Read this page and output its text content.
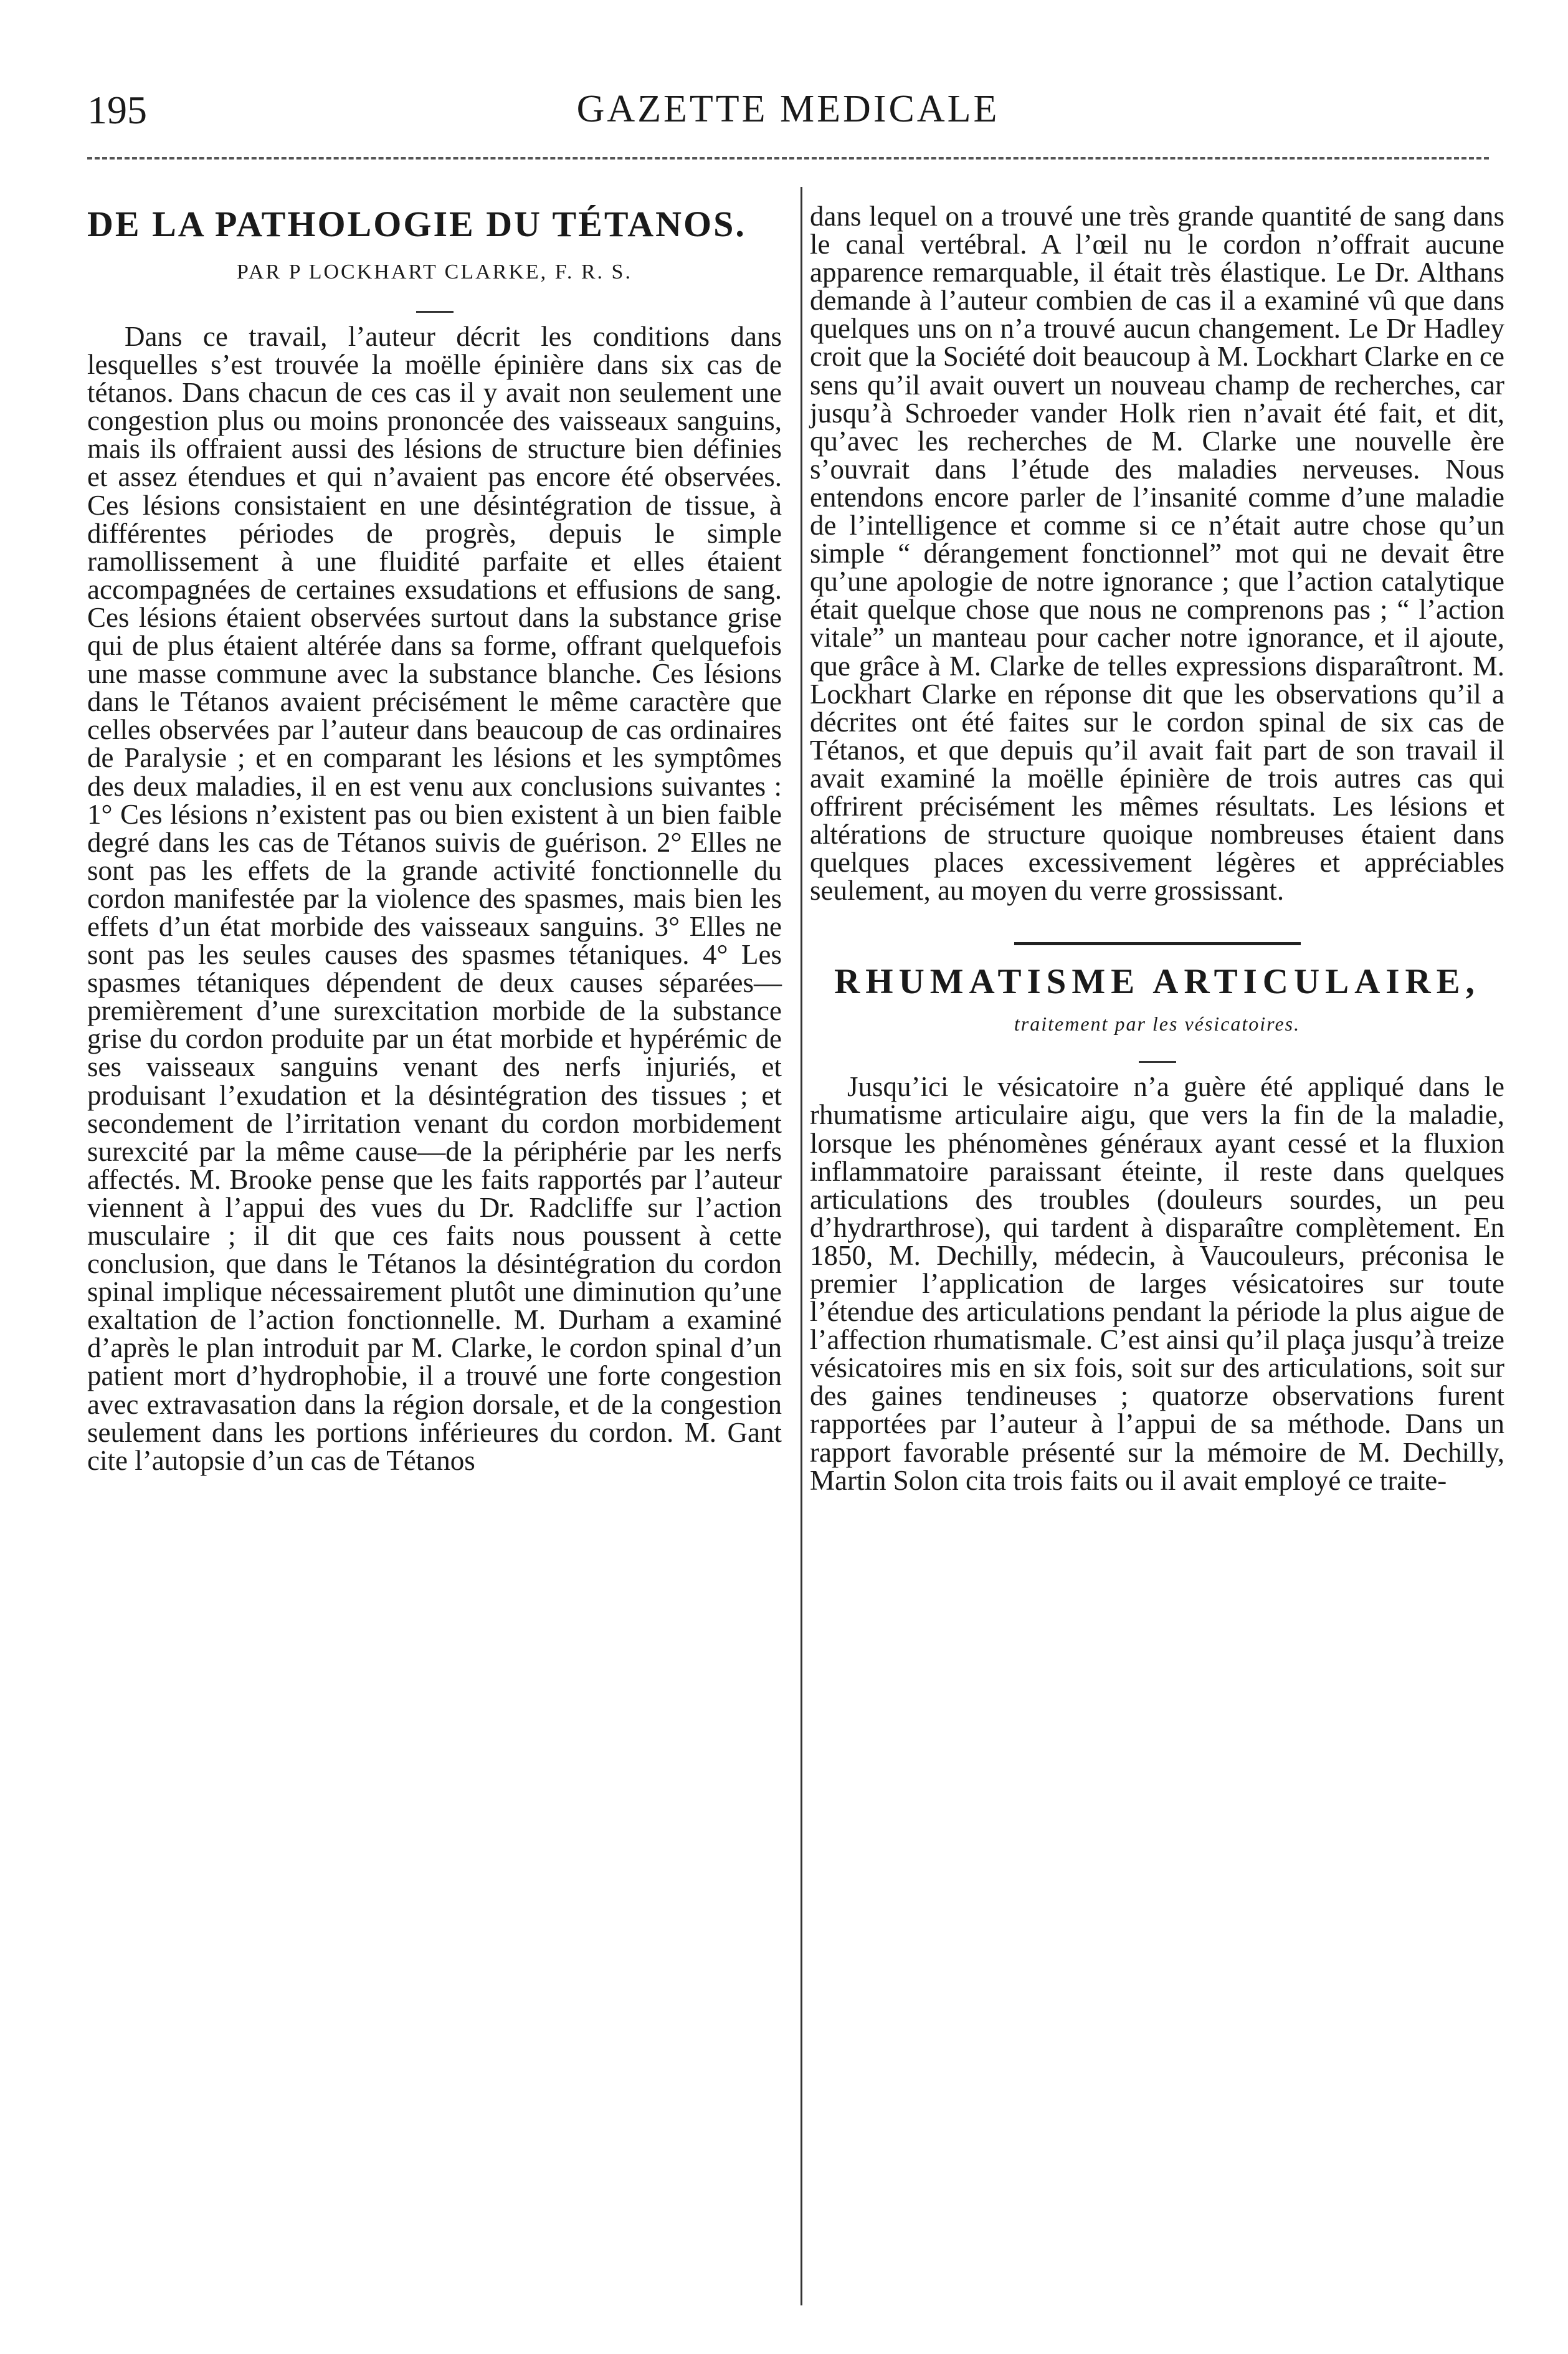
195	GAZETTE MEDICALE
DE LA PATHOLOGIE DU TÉTANOS.

PAR P LOCKHART CLARKE, F. R. S.

Dans ce travail, l’auteur décrit les conditions dans lesquelles s’est trouvée la moëlle épinière dans six cas de tétanos. Dans chacun de ces cas il y avait non seulement une congestion plus ou moins prononcée des vaisseaux sanguins, mais ils offraient aussi des lésions de structure bien définies et assez étendues et qui n’avaient pas encore été observées. Ces lésions consistaient en une désintégration de tissue, à différentes périodes de progrès, depuis le simple ramollissement à une fluidité parfaite et elles étaient accompagnées de certaines exsudations et effusions de sang. Ces lésions étaient observées surtout dans la substance grise qui de plus étaient altérée dans sa forme, offrant quelquefois une masse commune avec la substance blanche. Ces lésions dans le Tétanos avaient précisément le même caractère que celles observées par l’auteur dans beaucoup de cas ordinaires de Paralysie ; et en comparant les lésions et les symptômes des deux maladies, il en est venu aux conclusions suivantes : 1° Ces lésions n’existent pas ou bien existent à un bien faible degré dans les cas de Tétanos suivis de guérison. 2° Elles ne sont pas les effets de la grande activité fonctionnelle du cordon manifestée par la violence des spasmes, mais bien les effets d’un état morbide des vaisseaux sanguins. 3° Elles ne sont pas les seules causes des spasmes tétaniques. 4° Les spasmes tétaniques dépendent de deux causes séparées—premièrement d’une surexcitation morbide de la substance grise du cordon produite par un état morbide et hypérémic de ses vaisseaux sanguins venant des nerfs injuriés, et produisant l’exudation et la désintégration des tissues ; et secondement de l’irritation venant du cordon morbidement surexcité par la même cause—de la périphérie par les nerfs affectés. M. Brooke pense que les faits rapportés par l’auteur viennent à l’appui des vues du Dr. Radcliffe sur l’action musculaire ; il dit que ces faits nous poussent à cette conclusion, que dans le Tétanos la désintégration du cordon spinal implique nécessairement plutôt une diminution qu’une exaltation de l’action fonctionnelle. M. Durham a examiné d’après le plan introduit par M. Clarke, le cordon spinal d’un patient mort d’hydrophobie, il a trouvé une forte congestion avec extravasation dans la région dorsale, et de la congestion seulement dans les portions inférieures du cordon. M. Gant cite l’autopsie d’un cas de Tétanos

dans lequel on a trouvé une très grande quantité de sang dans le canal vertébral. A l’œil nu le cordon n’offrait aucune apparence remarquable, il était très élastique. Le Dr. Althans demande à l’auteur combien de cas il a examiné vû que dans quelques uns on n’a trouvé aucun changement. Le Dr Hadley croit que la Société doit beaucoup à M. Lockhart Clarke en ce sens qu’il avait ouvert un nouveau champ de recherches, car jusqu’à Schroeder vander Holk rien n’avait été fait, et dit, qu’avec les recherches de M. Clarke une nouvelle ère s’ouvrait dans l’étude des maladies nerveuses. Nous entendons encore parler de l’insanité comme d’une maladie de l’intelligence et comme si ce n’était autre chose qu’un simple “ dérangement fonctionnel” mot qui ne devait être qu’une apologie de notre ignorance ; que l’action catalytique était quelque chose que nous ne comprenons pas ; “ l’action vitale” un manteau pour cacher notre ignorance, et il ajoute, que grâce à M. Clarke de telles expressions disparaîtront. M. Lockhart Clarke en réponse dit que les observations qu’il a décrites ont été faites sur le cordon spinal de six cas de Tétanos, et que depuis qu’il avait fait part de son travail il avait examiné la moëlle épinière de trois autres cas qui offrirent précisément les mêmes résultats. Les lésions et altérations de structure quoique nombreuses étaient dans quelques places excessivement légères et appréciables seulement, au moyen du verre grossissant.

RHUMATISME ARTICULAIRE,

traitement par les vésicatoires.

Jusqu’ici le vésicatoire n’a guère été appliqué dans le rhumatisme articulaire aigu, que vers la fin de la maladie, lorsque les phénomènes généraux ayant cessé et la fluxion inflammatoire paraissant éteinte, il reste dans quelques articulations des troubles (douleurs sourdes, un peu d’hydrarthrose), qui tardent à disparaître complètement. En 1850, M. Dechilly, médecin, à Vaucouleurs, préconisa le premier l’application de larges vésicatoires sur toute l’étendue des articulations pendant la période la plus aigue de l’affection rhumatismale. C’est ainsi qu’il plaça jusqu’à treize vésicatoires mis en six fois, soit sur des articulations, soit sur des gaines tendineuses ; quatorze observations furent rapportées par l’auteur à l’appui de sa méthode. Dans un rapport favorable présenté sur la mémoire de M. Dechilly, Martin Solon cita trois faits ou il avait employé ce traite-
